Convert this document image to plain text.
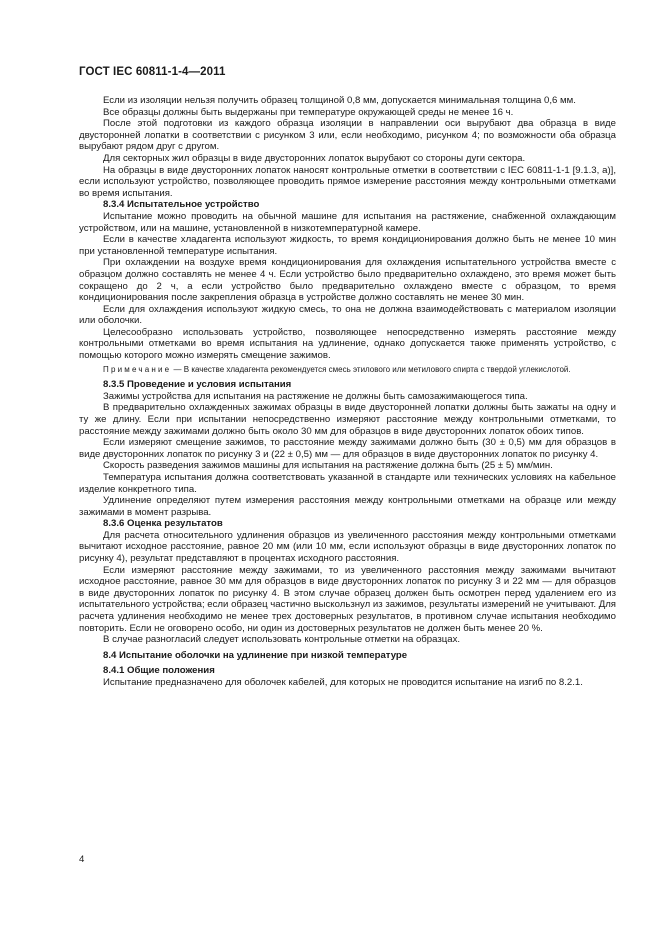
ГОСТ IEC 60811-1-4—2011

Если из изоляции нельзя получить образец толщиной 0,8 мм, допускается минимальная толщина 0,6 мм.

Все образцы должны быть выдержаны при температуре окружающей среды не менее 16 ч.

После этой подготовки из каждого образца изоляции в направлении оси вырубают два образца в виде двусторонней лопатки в соответствии с рисунком 3 или, если необходимо, рисунком 4; по возможности оба образца вырубают рядом друг с другом.

Для секторных жил образцы в виде двусторонних лопаток вырубают со стороны дуги сектора.

На образцы в виде двусторонних лопаток наносят контрольные отметки в соответствии с IEC 60811-1-1 [9.1.3, а)], если используют устройство, позволяющее проводить прямое измерение расстояния между контрольными отметками во время испытания.

8.3.4 Испытательное устройство

Испытание можно проводить на обычной машине для испытания на растяжение, снабженной охлаждающим устройством, или на машине, установленной в низкотемпературной камере.

Если в качестве хладагента используют жидкость, то время кондиционирования должно быть не менее 10 мин при установленной температуре испытания.

При охлаждении на воздухе время кондиционирования для охлаждения испытательного устройства вместе с образцом должно составлять не менее 4 ч. Если устройство было предварительно охлаждено, это время может быть сокращено до 2 ч, а если устройство было предварительно охлаждено вместе с образцом, то время кондиционирования после закрепления образца в устройстве должно составлять не менее 30 мин.

Если для охлаждения используют жидкую смесь, то она не должна взаимодействовать с материалом изоляции или оболочки.

Целесообразно использовать устройство, позволяющее непосредственно измерять расстояние между контрольными отметками во время испытания на удлинение, однако допускается также применять устройство, с помощью которого можно измерять смещение зажимов.

Примечание — В качестве хладагента рекомендуется смесь этилового или метилового спирта с твердой углекислотой.

8.3.5 Проведение и условия испытания

Зажимы устройства для испытания на растяжение не должны быть самозажимающегося типа.

В предварительно охлажденных зажимах образцы в виде двусторонней лопатки должны быть зажаты на одну и ту же длину. Если при испытании непосредственно измеряют расстояние между контрольными отметками, то расстояние между зажимами должно быть около 30 мм для образцов в виде двусторонних лопаток обоих типов.

Если измеряют смещение зажимов, то расстояние между зажимами должно быть (30 ± 0,5) мм для образцов в виде двусторонних лопаток по рисунку 3 и (22 ± 0,5) мм — для образцов в виде двусторонних лопаток по рисунку 4.

Скорость разведения зажимов машины для испытания на растяжение должна быть (25 ± 5) мм/мин.

Температура испытания должна соответствовать указанной в стандарте или технических условиях на кабельное изделие конкретного типа.

Удлинение определяют путем измерения расстояния между контрольными отметками на образце или между зажимами в момент разрыва.

8.3.6 Оценка результатов

Для расчета относительного удлинения образцов из увеличенного расстояния между контрольными отметками вычитают исходное расстояние, равное 20 мм (или 10 мм, если используют образцы в виде двусторонних лопаток по рисунку 4), результат представляют в процентах исходного расстояния.

Если измеряют расстояние между зажимами, то из увеличенного расстояния между зажимами вычитают исходное расстояние, равное 30 мм для образцов в виде двусторонних лопаток по рисунку 3 и 22 мм — для образцов в виде двусторонних лопаток по рисунку 4. В этом случае образец должен быть осмотрен перед удалением его из испытательного устройства; если образец частично выскользнул из зажимов, результаты измерений не учитывают. Для расчета удлинения необходимо не менее трех достоверных результатов, в противном случае испытания необходимо повторить. Если не оговорено особо, ни один из достоверных результатов не должен быть менее 20 %.

В случае разногласий следует использовать контрольные отметки на образцах.

8.4 Испытание оболочки на удлинение при низкой температуре

8.4.1 Общие положения

Испытание предназначено для оболочек кабелей, для которых не проводится испытание на изгиб по 8.2.1.

4
